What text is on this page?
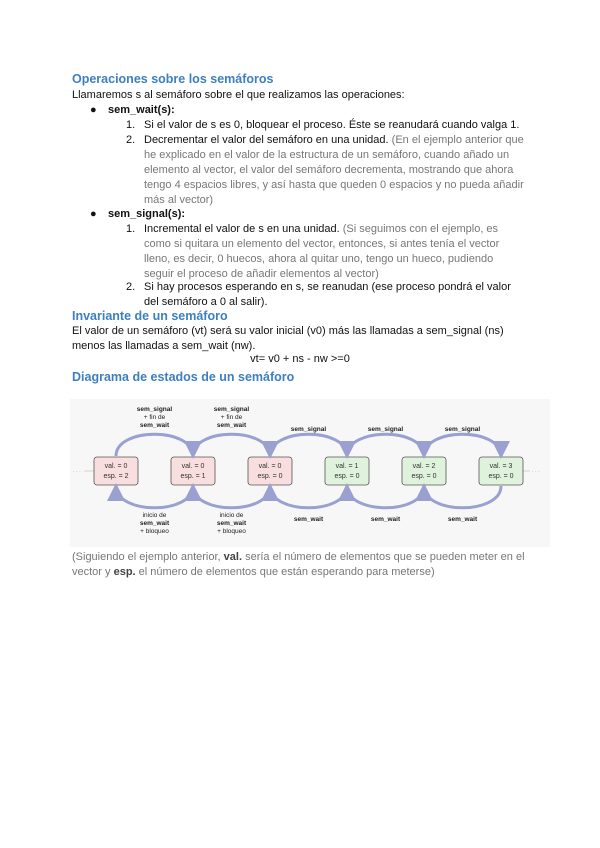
Operaciones sobre los semáforos
Llamaremos s al semáforo sobre el que realizamos las operaciones:
● sem_wait(s):
1. Si el valor de s es 0, bloquear el proceso. Éste se reanudará cuando valga 1.
2. Decrementar el valor del semáforo en una unidad. (En el ejemplo anterior que he explicado en el valor de la estructura de un semáforo, cuando añado un elemento al vector, el valor del semáforo decrementa, mostrando que ahora tengo 4 espacios libres, y así hasta que queden 0 espacios y no pueda añadir más al vector)
● sem_signal(s):
1. Incremental el valor de s en una unidad. (Si seguimos con el ejemplo, es como si quitara un elemento del vector, entonces, si antes tenía el vector lleno, es decir, 0 huecos, ahora al quitar uno, tengo un hueco, pudiendo seguir el proceso de añadir elementos al vector)
2. Si hay procesos esperando en s, se reanudan (ese proceso pondrá el valor del semáforo a 0 al salir).
Invariante de un semáforo
El valor de un semáforo (vt) será su valor inicial (v0) más las llamadas a sem_signal (ns) menos las llamadas a sem_wait (nw).
vt= v0 + ns - nw >=0
Diagrama de estados de un semáforo
· · ·	· · ·
val. = 0
esp. = 2
val. = 0
esp. = 1
val. = 0
esp. = 0
val. = 1
esp. = 0
val. = 2
esp. = 0
val. = 3
esp. = 0
sem_signal
+ fin de
sem_wait
inicio de
sem_wait
+ bloqueo
sem_signal
+ fin de
sem_wait
inicio de
sem_wait
+ bloqueo
sem_signal
sem_wait
sem_signal
sem_wait
sem_signal
sem_wait
(Siguiendo el ejemplo anterior, val. sería el número de elementos que se pueden meter en el vector y esp. el número de elementos que están esperando para meterse)
